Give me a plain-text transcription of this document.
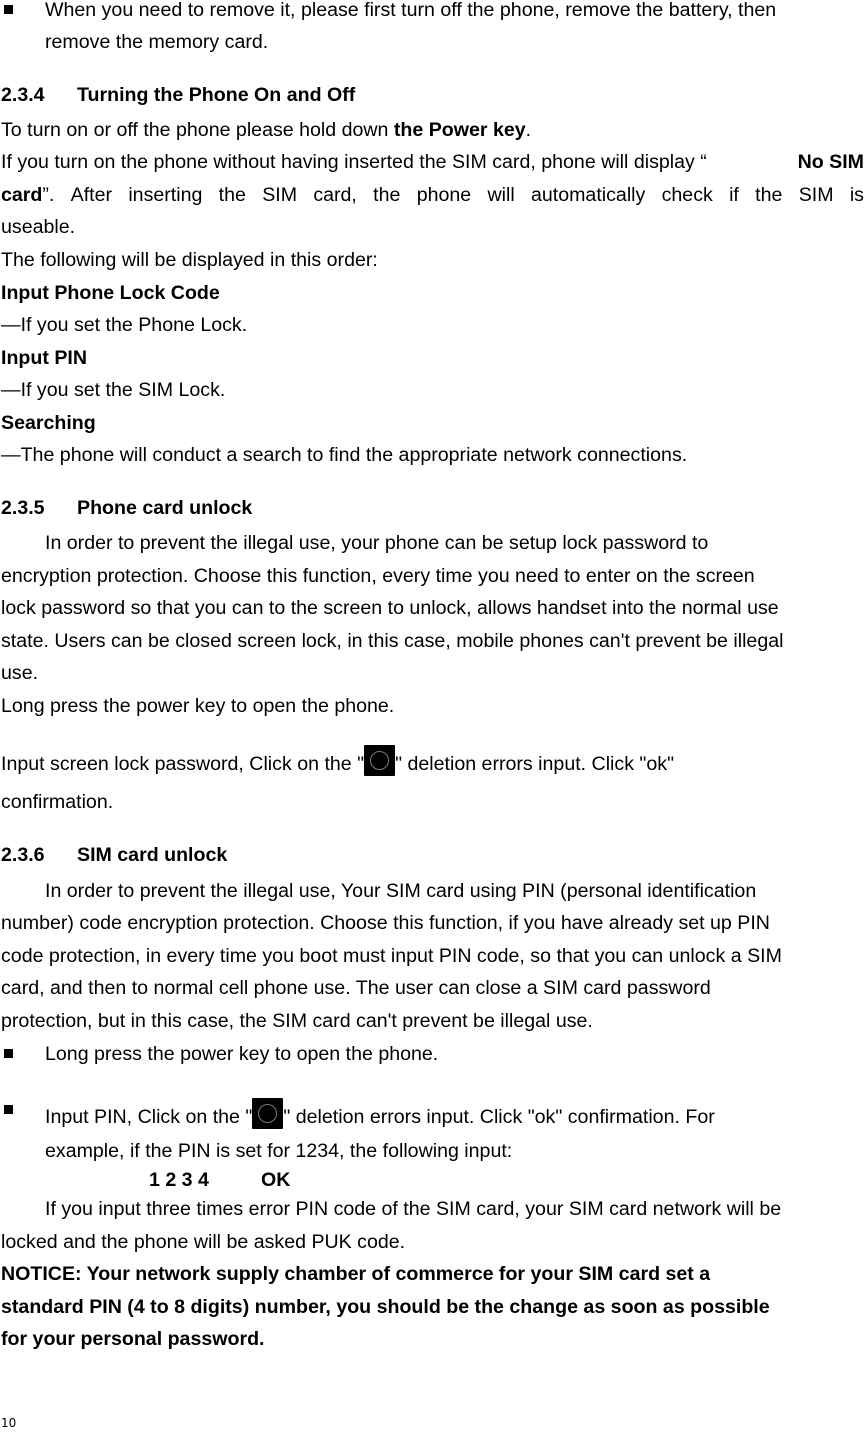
When you need to remove it, please first turn off the phone, remove the battery, then
remove the memory card.
2.3.4 Turning the Phone On and Off
To turn on or off the phone please hold down the Power key.
If you turn on the phone without having inserted the SIM card, phone will display “	No SIM
card”. After inserting the SIM card, the phone will automatically check if the SIM is
useable.
The following will be displayed in this order:
Input Phone Lock Code
—If you set the Phone Lock.
Input PIN
—If you set the SIM Lock.
Searching
—The phone will conduct a search to find the appropriate network connections.
2.3.5 Phone card unlock
In order to prevent the illegal use, your phone can be setup lock password to
encryption protection. Choose this function, every time you need to enter on the screen
lock password so that you can to the screen to unlock, allows handset into the normal use
state. Users can be closed screen lock, in this case, mobile phones can't prevent be illegal
use.
Long press the power key to open the phone.
Input screen lock password, Click on the " " deletion errors input. Click "ok"
confirmation.
2.3.6 SIM card unlock
In order to prevent the illegal use, Your SIM card using PIN (personal identification
number) code encryption protection. Choose this function, if you have already set up PIN
code protection, in every time you boot must input PIN code, so that you can unlock a SIM
card, and then to normal cell phone use. The user can close a SIM card password
protection, but in this case, the SIM card can't prevent be illegal use.
Long press the power key to open the phone.
Input PIN, Click on the " " deletion errors input. Click "ok" confirmation. For
example, if the PIN is set for 1234, the following input:
1 2 3 4	OK
If you input three times error PIN code of the SIM card, your SIM card network will be
locked and the phone will be asked PUK code.
NOTICE: Your network supply chamber of commerce for your SIM card set a
standard PIN (4 to 8 digits) number, you should be the change as soon as possible
for your personal password.
10
